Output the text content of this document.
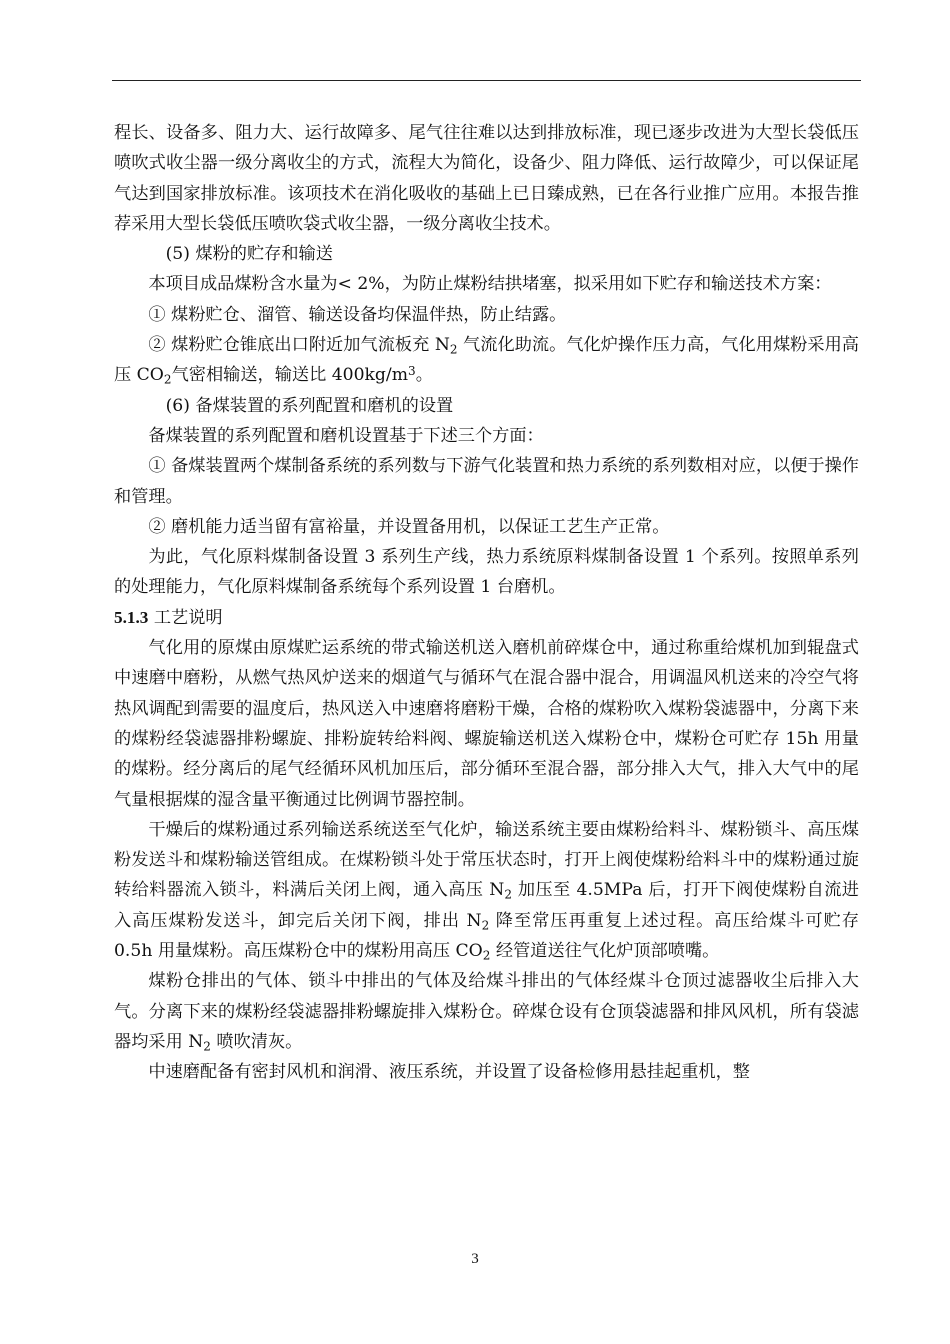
程长、设备多、阻力大、运行故障多、尾气往往难以达到排放标准，现已逐步改进为大型长袋低压喷吹式收尘器一级分离收尘的方式，流程大为简化，设备少、阻力降低、运行故障少，可以保证尾气达到国家排放标准。该项技术在消化吸收的基础上已日臻成熟，已在各行业推广应用。本报告推荐采用大型长袋低压喷吹袋式收尘器，一级分离收尘技术。

(5) 煤粉的贮存和输送

本项目成品煤粉含水量为< 2%，为防止煤粉结拱堵塞，拟采用如下贮存和输送技术方案：

① 煤粉贮仓、溜管、输送设备均保温伴热，防止结露。

② 煤粉贮仓锥底出口附近加气流板充 $N_2$ 气流化助流。气化炉操作压力高，气化用煤粉采用高压 $CO_2$气密相输送，输送比 $400kg/m^3$。

(6) 备煤装置的系列配置和磨机的设置

备煤装置的系列配置和磨机设置基于下述三个方面：

① 备煤装置两个煤制备系统的系列数与下游气化装置和热力系统的系列数相对应，以便于操作和管理。

② 磨机能力适当留有富裕量，并设置备用机，以保证工艺生产正常。

为此，气化原料煤制备设置 3 系列生产线，热力系统原料煤制备设置 1 个系列。按照单系列的处理能力，气化原料煤制备系统每个系列设置 1 台磨机。

5.1.3 工艺说明

气化用的原煤由原煤贮运系统的带式输送机送入磨机前碎煤仓中，通过称重给煤机加到辊盘式中速磨中磨粉，从燃气热风炉送来的烟道气与循环气在混合器中混合，用调温风机送来的冷空气将热风调配到需要的温度后，热风送入中速磨将磨粉干燥，合格的煤粉吹入煤粉袋滤器中，分离下来的煤粉经袋滤器排粉螺旋、排粉旋转给料阀、螺旋输送机送入煤粉仓中，煤粉仓可贮存 15h 用量的煤粉。经分离后的尾气经循环风机加压后，部分循环至混合器，部分排入大气，排入大气中的尾气量根据煤的湿含量平衡通过比例调节器控制。

干燥后的煤粉通过系列输送系统送至气化炉，输送系统主要由煤粉给料斗、煤粉锁斗、高压煤粉发送斗和煤粉输送管组成。在煤粉锁斗处于常压状态时，打开上阀使煤粉给料斗中的煤粉通过旋转给料器流入锁斗，料满后关闭上阀，通入高压 $N_2$ 加压至 4.5MPa 后，打开下阀使煤粉自流进入高压煤粉发送斗，卸完后关闭下阀，排出 $N_2$ 降至常压再重复上述过程。高压给煤斗可贮存 0.5h 用量煤粉。高压煤粉仓中的煤粉用高压 $CO_2$ 经管道送往气化炉顶部喷嘴。

煤粉仓排出的气体、锁斗中排出的气体及给煤斗排出的气体经煤斗仓顶过滤器收尘后排入大气。分离下来的煤粉经袋滤器排粉螺旋排入煤粉仓。碎煤仓设有仓顶袋滤器和排风风机，所有袋滤器均采用 $N_2$ 喷吹清灰。

中速磨配备有密封风机和润滑、液压系统，并设置了设备检修用悬挂起重机，整

3
